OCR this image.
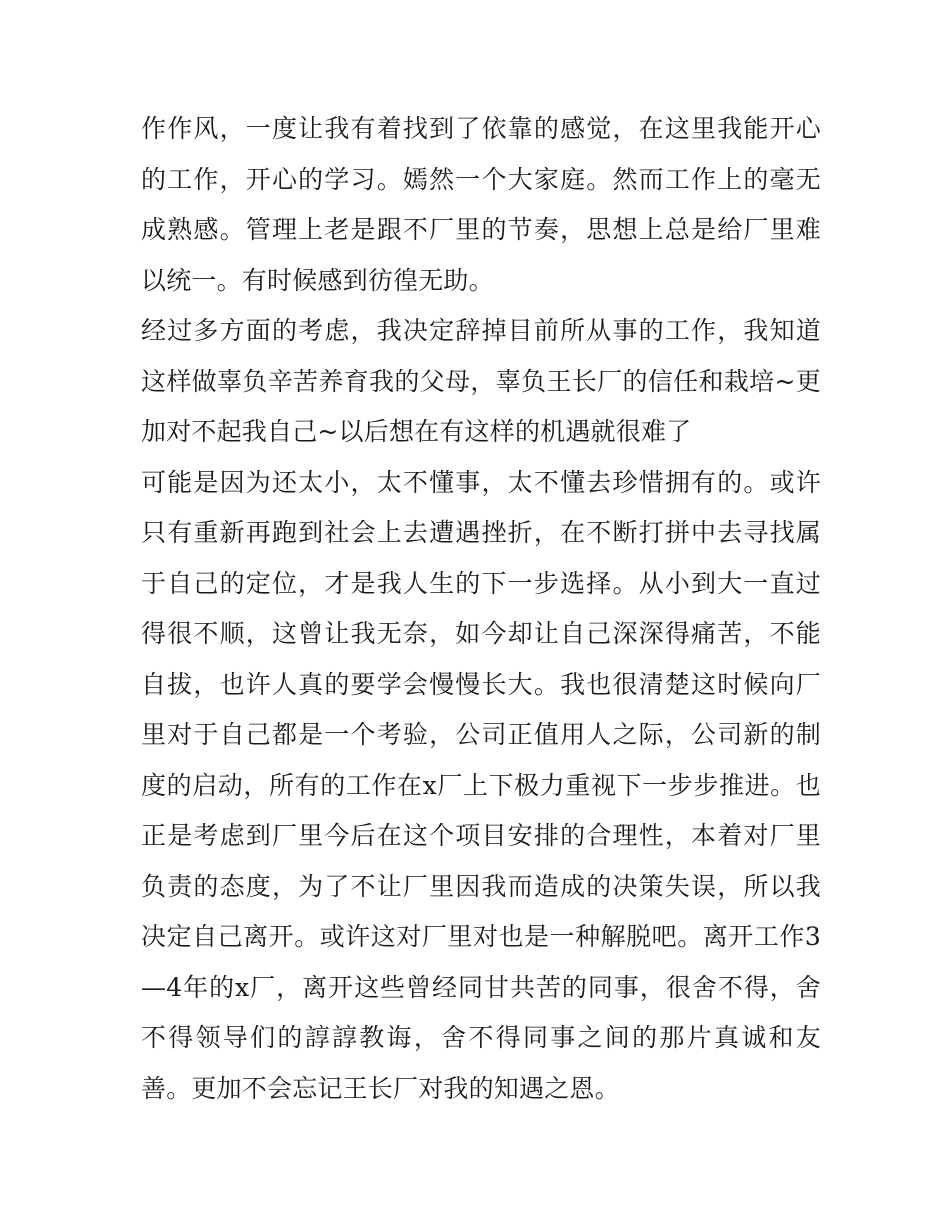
作作风，一度让我有着找到了依靠的感觉，在这里我能开心的工作，开心的学习。嫣然一个大家庭。然而工作上的毫无成熟感。管理上老是跟不厂里的节奏，思想上总是给厂里难以统一。有时候感到彷徨无助。

经过多方面的考虑，我决定辞掉目前所从事的工作，我知道这样做辜负辛苦养育我的父母，辜负王长厂的信任和栽培~更加对不起我自己~以后想在有这样的机遇就很难了

可能是因为还太小，太不懂事，太不懂去珍惜拥有的。或许只有重新再跑到社会上去遭遇挫折，在不断打拼中去寻找属于自己的定位，才是我人生的下一步选择。从小到大一直过得很不顺，这曾让我无奈，如今却让自己深深得痛苦，不能自拔，也许人真的要学会慢慢长大。我也很清楚这时候向厂里对于自己都是一个考验，公司正值用人之际，公司新的制度的启动，所有的工作在x厂上下极力重视下一步步推进。也正是考虑到厂里今后在这个项目安排的合理性，本着对厂里负责的态度，为了不让厂里因我而造成的决策失误，所以我决定自己离开。或许这对厂里对也是一种解脱吧。离开工作3—4年的x厂，离开这些曾经同甘共苦的同事，很舍不得，舍不得领导们的諄諄教诲，舍不得同事之间的那片真诚和友善。更加不会忘记王长厂对我的知遇之恩。
